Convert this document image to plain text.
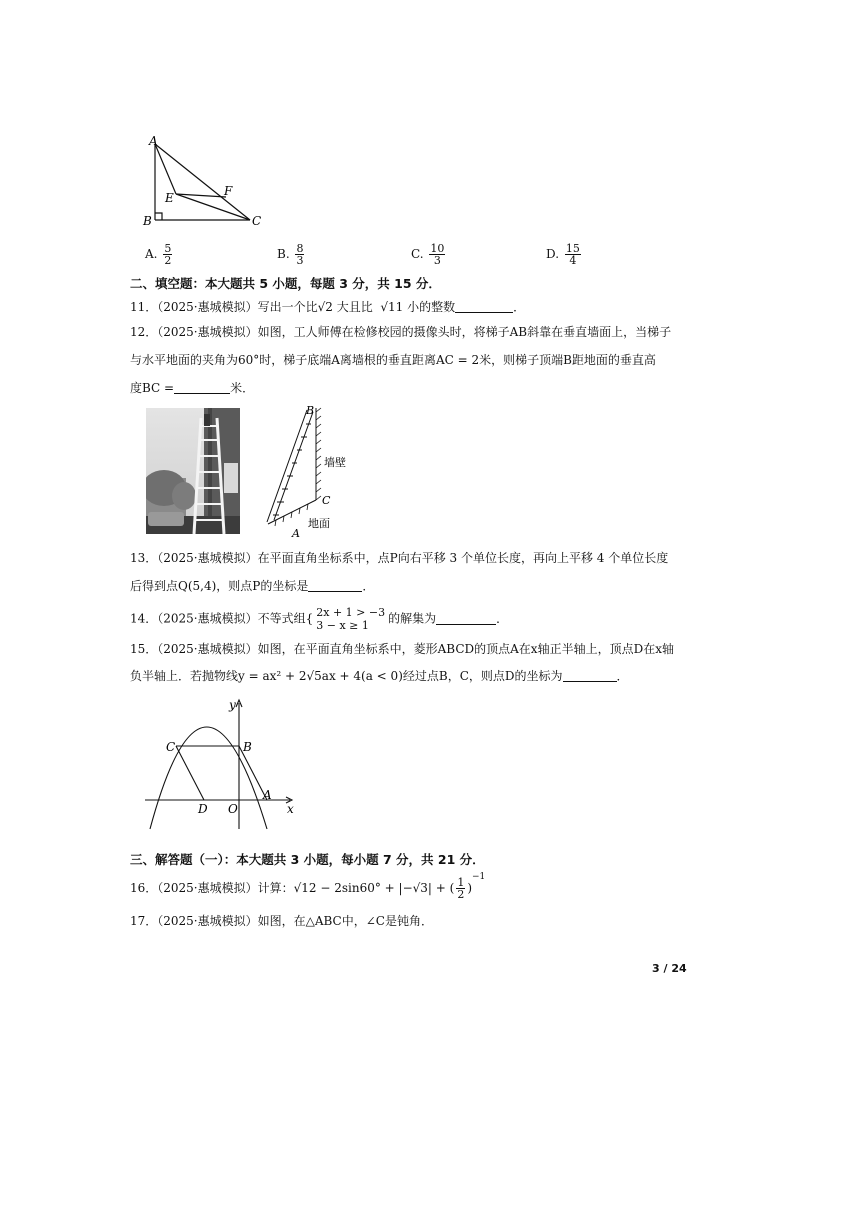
A
B	C
E	F
A. $\frac{5}{2}$	B. $\frac{8}{3}$	C. $\frac{10}{3}$	D. $\frac{15}{4}$
二、填空题：本大题共 5 小题，每题 3 分，共 15 分．
11．（2025·惠城模拟）写出一个比√2 大且比 √11 小的整数	．
12．（2025·惠城模拟）如图，工人师傅在检修校园的摄像头时，将梯子AB斜靠在垂直墙面上，当梯子
与水平地面的夹角为60°时，梯子底端A离墙根的垂直距离AC = 2米，则梯子顶端B距地面的垂直高
度BC =	米．
B
C
A
墙壁
地面
13．（2025·惠城模拟）在平面直角坐标系中，点P向右平移 3 个单位长度，再向上平移 4 个单位长度
后得到点Q(5,4)，则点P的坐标是	．
14．（2025·惠城模拟）不等式组{ 2x + 1 > −3
3 − x ≥ 1	的解集为	．
15．（2025·惠城模拟）如图，在平面直角坐标系中，菱形ABCD的顶点A在x轴正半轴上，顶点D在x轴
负半轴上．若抛物线y = ax² + 2√5ax + 4(a < 0)经过点B，C，则点D的坐标为	．
y
x
C	B
D O
A
三、解答题（一）：本大题共 3 小题，每小题 7 分，共 21 分．
16．（2025·惠城模拟）计算：√12 − 2sin60° + |−√3| + ( $\frac{1}{2} )^{-1}$
17．（2025·惠城模拟）如图，在△ABC中，∠C是钝角．
3 / 24
